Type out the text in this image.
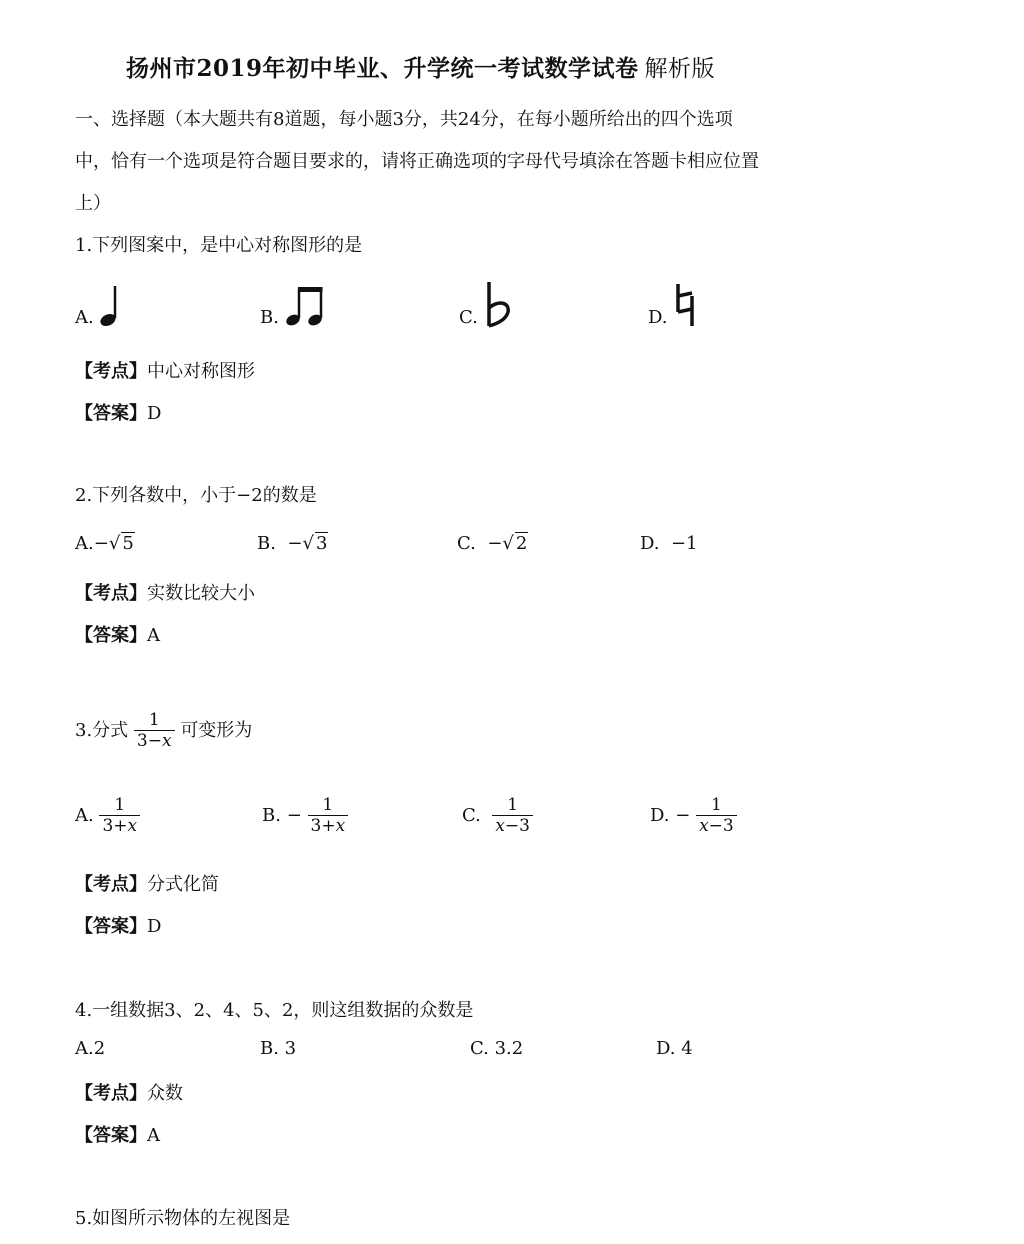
扬州市2019年初中毕业、升学统一考试数学试卷 解析版
一、选择题（本大题共有8道题，每小题3分，共24分，在每小题所给出的四个选项
中，恰有一个选项是符合题目要求的，请将正确选项的字母代号填涂在答题卡相应位置
上）
1.下列图案中，是中心对称图形的是
A.	B.	C.	D.
【考点】中心对称图形
【答案】D
2.下列各数中，小于−2的数是
A.−√ 5	B. −√ 3	C. −√ 2	D. −1
【考点】实数比较大小
【答案】A
3.分式 $\frac{1}{3-x}$ 可变形为
A. $\frac{1}{3+x}$	B. − $\frac{1}{3+x}$	C. $\frac{1}{x-3}$	D. − $\frac{1}{x-3}$
【考点】分式化简
【答案】D
4.一组数据3、2、4、5、2，则这组数据的众数是
A.2	B. 3	C. 3.2	D. 4
【考点】众数
【答案】A
5.如图所示物体的左视图是
